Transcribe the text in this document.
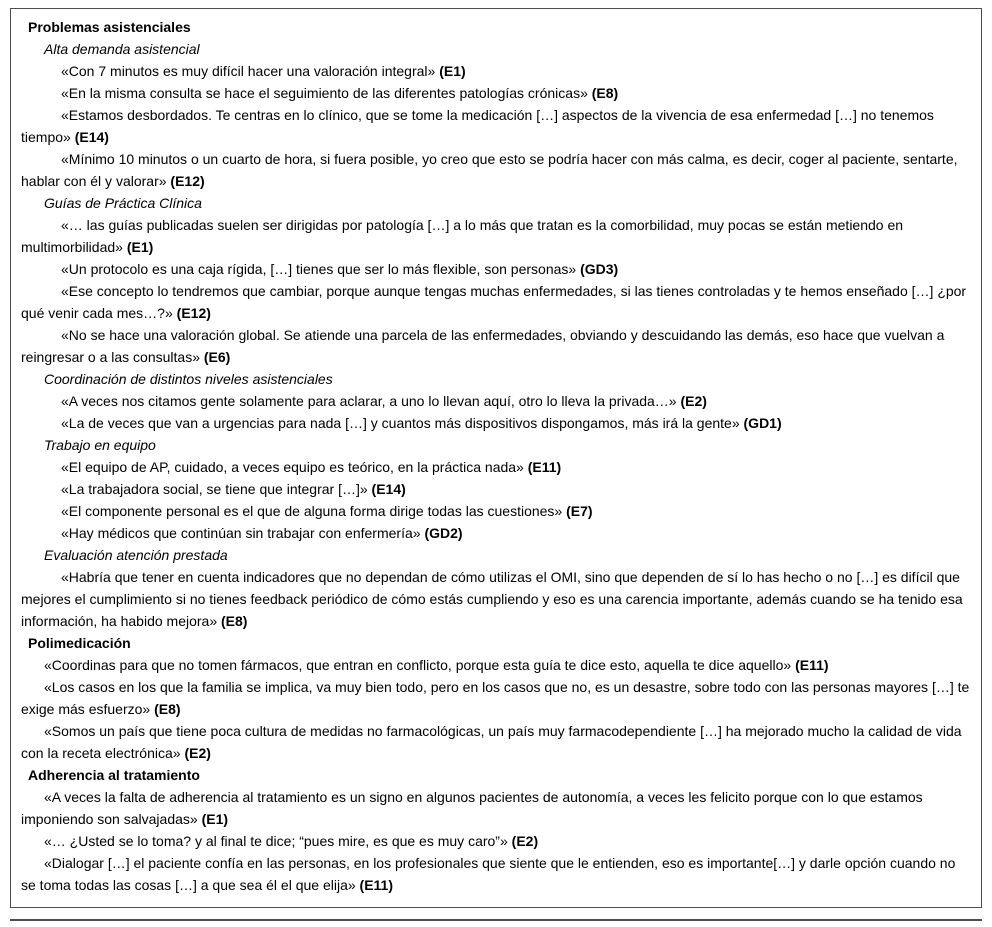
Problemas asistenciales

Alta demanda asistencial

«Con 7 minutos es muy difícil hacer una valoración integral» (E1)

«En la misma consulta se hace el seguimiento de las diferentes patologías crónicas» (E8)

«Estamos desbordados. Te centras en lo clínico, que se tome la medicación […] aspectos de la vivencia de esa enfermedad […] no tenemos tiempo» (E14)

«Mínimo 10 minutos o un cuarto de hora, si fuera posible, yo creo que esto se podría hacer con más calma, es decir, coger al paciente, sentarte, hablar con él y valorar» (E12)

Guías de Práctica Clínica

«… las guías publicadas suelen ser dirigidas por patología […] a lo más que tratan es la comorbilidad, muy pocas se están metiendo en multimorbilidad» (E1)

«Un protocolo es una caja rígida, […] tienes que ser lo más flexible, son personas» (GD3)

«Ese concepto lo tendremos que cambiar, porque aunque tengas muchas enfermedades, si las tienes controladas y te hemos enseñado […] ¿por qué venir cada mes…?» (E12)

«No se hace una valoración global. Se atiende una parcela de las enfermedades, obviando y descuidando las demás, eso hace que vuelvan a reingresar o a las consultas» (E6)

Coordinación de distintos niveles asistenciales

«A veces nos citamos gente solamente para aclarar, a uno lo llevan aquí, otro lo lleva la privada…» (E2)

«La de veces que van a urgencias para nada […] y cuantos más dispositivos dispongamos, más irá la gente» (GD1)

Trabajo en equipo

«El equipo de AP, cuidado, a veces equipo es teórico, en la práctica nada» (E11)

«La trabajadora social, se tiene que integrar […]» (E14)

«El componente personal es el que de alguna forma dirige todas las cuestiones» (E7)

«Hay médicos que continúan sin trabajar con enfermería» (GD2)

Evaluación atención prestada

«Habría que tener en cuenta indicadores que no dependan de cómo utilizas el OMI, sino que dependen de sí lo has hecho o no […] es difícil que mejores el cumplimiento si no tienes feedback periódico de cómo estás cumpliendo y eso es una carencia importante, además cuando se ha tenido esa información, ha habido mejora» (E8)

Polimedicación

«Coordinas para que no tomen fármacos, que entran en conflicto, porque esta guía te dice esto, aquella te dice aquello» (E11)

«Los casos en los que la familia se implica, va muy bien todo, pero en los casos que no, es un desastre, sobre todo con las personas mayores […] te exige más esfuerzo» (E8)

«Somos un país que tiene poca cultura de medidas no farmacológicas, un país muy farmacodependiente […] ha mejorado mucho la calidad de vida con la receta electrónica» (E2)

Adherencia al tratamiento

«A veces la falta de adherencia al tratamiento es un signo en algunos pacientes de autonomía, a veces les felicito porque con lo que estamos imponiendo son salvajadas» (E1)

«… ¿Usted se lo toma? y al final te dice; “pues mire, es que es muy caro”» (E2)

«Dialogar […] el paciente confía en las personas, en los profesionales que siente que le entienden, eso es importante[…] y darle opción cuando no se toma todas las cosas […] a que sea él el que elija» (E11)
